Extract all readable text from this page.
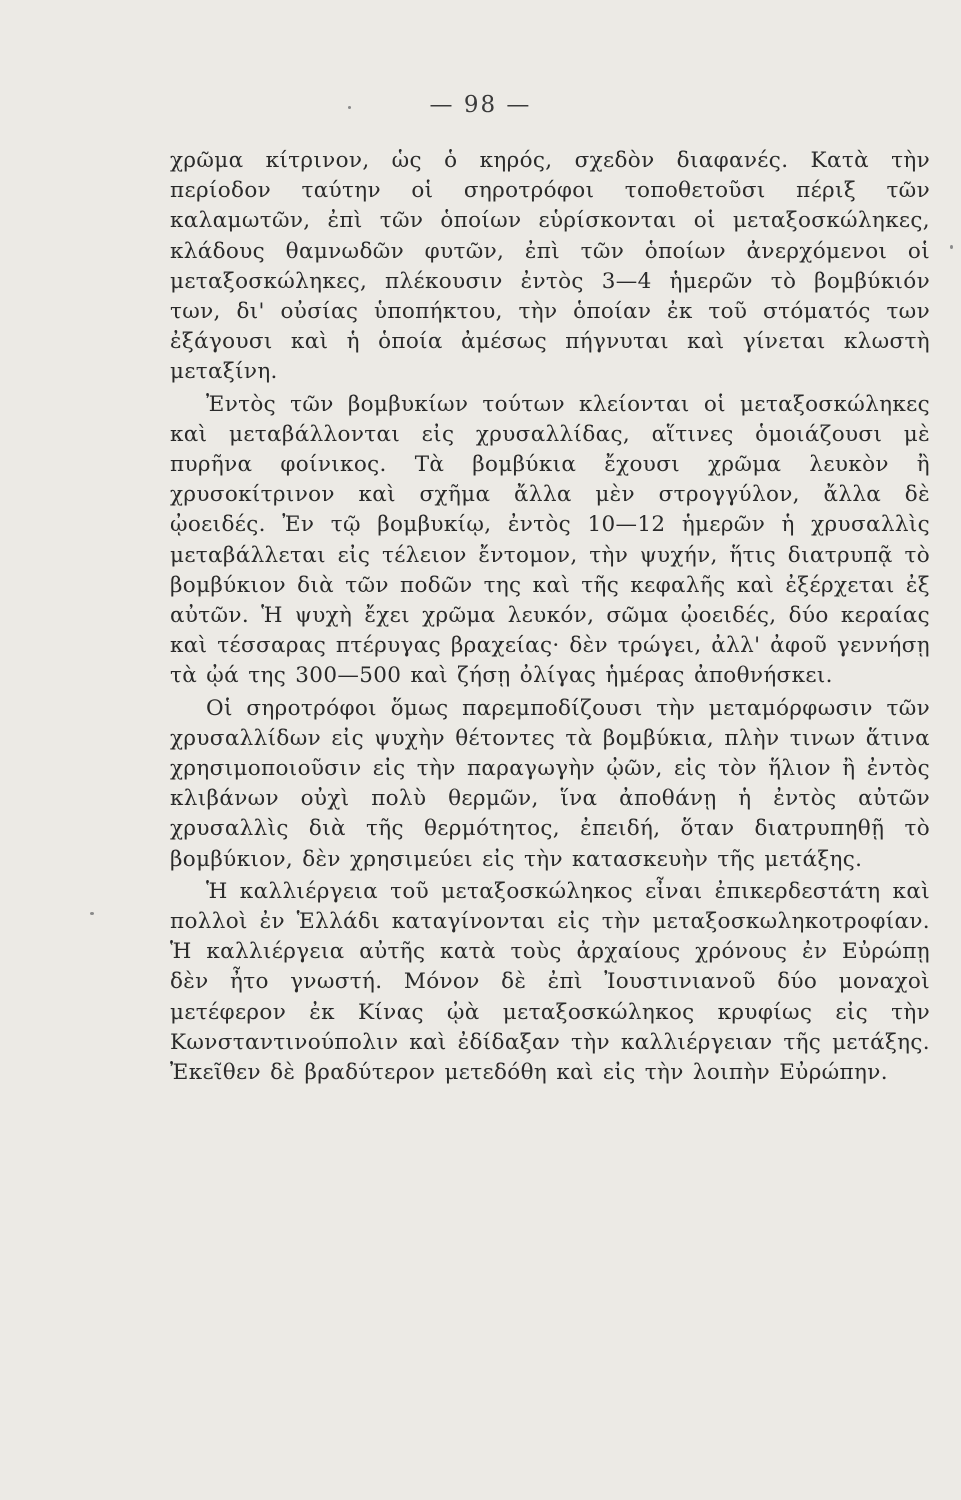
— 98 —

χρῶμα κίτρινον, ὡς ὁ κηρός, σχεδὸν διαφανές. Κατὰ τὴν περίοδον ταύτην οἱ σηροτρόφοι τοποθετοῦσι πέριξ τῶν καλαμωτῶν, ἐπὶ τῶν ὁποίων εὑρίσκονται οἱ μεταξοσκώληκες, κλάδους θαμνωδῶν φυτῶν, ἐπὶ τῶν ὁποίων ἀνερχόμενοι οἱ μεταξοσκώληκες, πλέκουσιν ἐντὸς 3—4 ἡμερῶν τὸ βομβύκιόν των, δι' οὐσίας ὑποπήκτου, τὴν ὁποίαν ἐκ τοῦ στόματός των ἐξάγουσι καὶ ἡ ὁποία ἀμέσως πήγνυται καὶ γίνεται κλωστὴ μεταξίνη.

Ἐντὸς τῶν βομβυκίων τούτων κλείονται οἱ μεταξοσκώληκες καὶ μεταβάλλονται εἰς χρυσαλλίδας, αἵτινες ὁμοιάζουσι μὲ πυρῆνα φοίνικος. Τὰ βομβύκια ἔχουσι χρῶμα λευκὸν ἢ χρυσοκίτρινον καὶ σχῆμα ἄλλα μὲν στρογγύλον, ἄλλα δὲ ᾠοειδές. Ἐν τῷ βομβυκίῳ, ἐντὸς 10—12 ἡμερῶν ἡ χρυσαλλὶς μεταβάλλεται εἰς τέλειον ἔντομον, τὴν ψυχήν, ἥτις διατρυπᾷ τὸ βομβύκιον διὰ τῶν ποδῶν της καὶ τῆς κεφαλῆς καὶ ἐξέρχεται ἐξ αὐτῶν. Ἡ ψυχὴ ἔχει χρῶμα λευκόν, σῶμα ᾠοειδές, δύο κεραίας καὶ τέσσαρας πτέρυγας βραχείας· δὲν τρώγει, ἀλλ' ἀφοῦ γεννήσῃ τὰ ᾠά της 300—500 καὶ ζήσῃ ὀλίγας ἡμέρας ἀποθνήσκει.

Οἱ σηροτρόφοι ὅμως παρεμποδίζουσι τὴν μεταμόρφωσιν τῶν χρυσαλλίδων εἰς ψυχὴν θέτοντες τὰ βομβύκια, πλὴν τινων ἅτινα χρησιμοποιοῦσιν εἰς τὴν παραγωγὴν ᾠῶν, εἰς τὸν ἥλιον ἢ ἐντὸς κλιβάνων οὐχὶ πολὺ θερμῶν, ἵνα ἀποθάνῃ ἡ ἐντὸς αὐτῶν χρυσαλλὶς διὰ τῆς θερμότητος, ἐπειδή, ὅταν διατρυπηθῇ τὸ βομβύκιον, δὲν χρησιμεύει εἰς τὴν κατασκευὴν τῆς μετάξης.

Ἡ καλλιέργεια τοῦ μεταξοσκώληκος εἶναι ἐπικερδεστάτη καὶ πολλοὶ ἐν Ἑλλάδι καταγίνονται εἰς τὴν μεταξοσκωληκοτροφίαν. Ἡ καλλιέργεια αὐτῆς κατὰ τοὺς ἀρχαίους χρόνους ἐν Εὐρώπῃ δὲν ἦτο γνωστή. Μόνον δὲ ἐπὶ Ἰουστινιανοῦ δύο μοναχοὶ μετέφερον ἐκ Κίνας ᾠὰ μεταξοσκώληκος κρυφίως εἰς τὴν Κωνσταντινούπολιν καὶ ἐδίδαξαν τὴν καλλιέργειαν τῆς μετάξης. Ἐκεῖθεν δὲ βραδύτερον μετεδόθη καὶ εἰς τὴν λοιπὴν Εὐρώπην.
